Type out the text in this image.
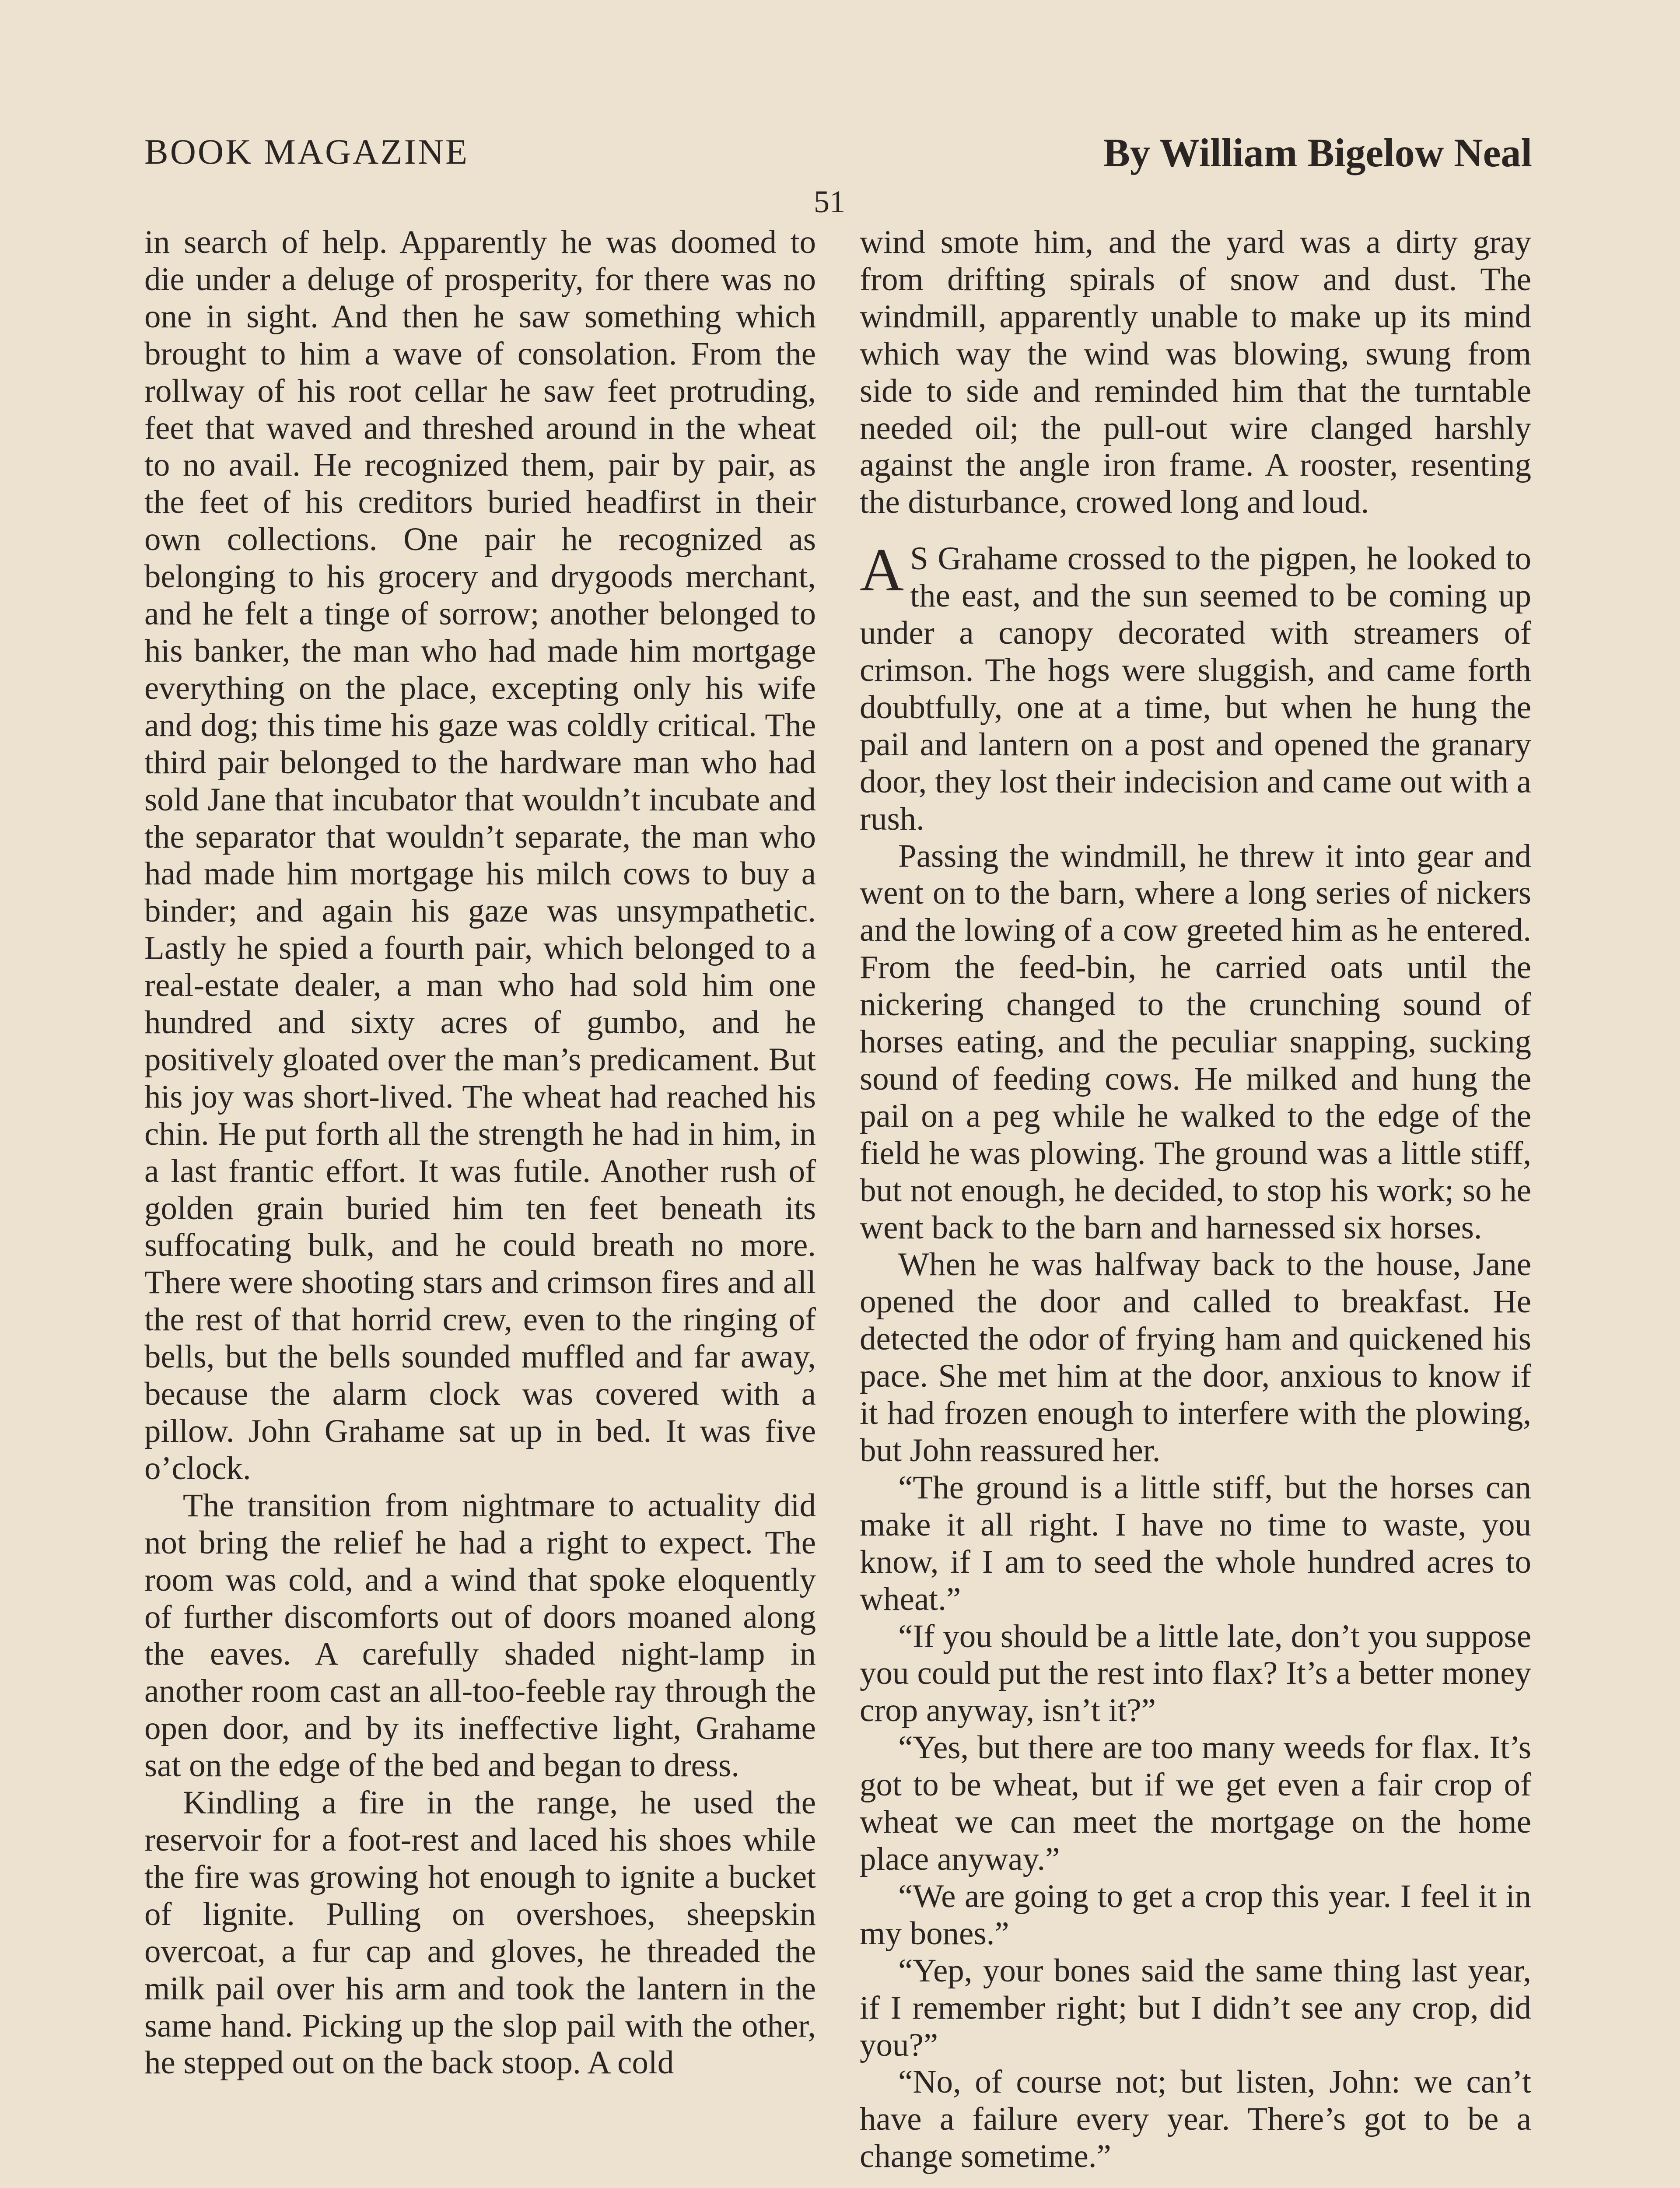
BOOK MAGAZINE	By William Bigelow Neal
51

in search of help. Apparently he was doomed to die under a deluge of prosperity, for there was no one in sight. And then he saw something which brought to him a wave of consolation. From the rollway of his root cellar he saw feet protruding, feet that waved and threshed around in the wheat to no avail. He recognized them, pair by pair, as the feet of his creditors buried headfirst in their own collections. One pair he recognized as belonging to his grocery and drygoods merchant, and he felt a tinge of sorrow; another belonged to his banker, the man who had made him mortgage everything on the place, excepting only his wife and dog; this time his gaze was coldly critical. The third pair belonged to the hardware man who had sold Jane that incubator that wouldn’t incubate and the separator that wouldn’t separate, the man who had made him mortgage his milch cows to buy a binder; and again his gaze was unsympathetic. Lastly he spied a fourth pair, which belonged to a real-estate dealer, a man who had sold him one hundred and sixty acres of gumbo, and he positively gloated over the man’s predicament. But his joy was short-lived. The wheat had reached his chin. He put forth all the strength he had in him, in a last frantic effort. It was futile. Another rush of golden grain buried him ten feet beneath its suffocating bulk, and he could breath no more. There were shooting stars and crimson fires and all the rest of that horrid crew, even to the ringing of bells, but the bells sounded muffled and far away, because the alarm clock was covered with a pillow. John Grahame sat up in bed. It was five o’clock.

The transition from nightmare to actuality did not bring the relief he had a right to expect. The room was cold, and a wind that spoke eloquently of further discomforts out of doors moaned along the eaves. A carefully shaded night-lamp in another room cast an all-too-feeble ray through the open door, and by its ineffective light, Grahame sat on the edge of the bed and began to dress.

Kindling a fire in the range, he used the reservoir for a foot-rest and laced his shoes while the fire was growing hot enough to ignite a bucket of lignite. Pulling on overshoes, sheepskin overcoat, a fur cap and gloves, he threaded the milk pail over his arm and took the lantern in the same hand. Picking up the slop pail with the other, he stepped out on the back stoop. A cold

wind smote him, and the yard was a dirty gray from drifting spirals of snow and dust. The windmill, apparently unable to make up its mind which way the wind was blowing, swung from side to side and reminded him that the turntable needed oil; the pull-out wire clanged harshly against the angle iron frame. A rooster, resenting the disturbance, crowed long and loud.

A S Grahame crossed to the pigpen, he looked to the east, and the sun seemed to be coming up under a canopy decorated with streamers of crimson. The hogs were sluggish, and came forth doubtfully, one at a time, but when he hung the pail and lantern on a post and opened the granary door, they lost their indecision and came out with a rush.

Passing the windmill, he threw it into gear and went on to the barn, where a long series of nickers and the lowing of a cow greeted him as he entered. From the feed-bin, he carried oats until the nickering changed to the crunching sound of horses eating, and the peculiar snapping, sucking sound of feeding cows. He milked and hung the pail on a peg while he walked to the edge of the field he was plowing. The ground was a little stiff, but not enough, he decided, to stop his work; so he went back to the barn and harnessed six horses.

When he was halfway back to the house, Jane opened the door and called to breakfast. He detected the odor of frying ham and quickened his pace. She met him at the door, anxious to know if it had frozen enough to interfere with the plowing, but John reassured her.

“The ground is a little stiff, but the horses can make it all right. I have no time to waste, you know, if I am to seed the whole hundred acres to wheat.”

“If you should be a little late, don’t you suppose you could put the rest into flax? It’s a better money crop anyway, isn’t it?”

“Yes, but there are too many weeds for flax. It’s got to be wheat, but if we get even a fair crop of wheat we can meet the mortgage on the home place anyway.”

“We are going to get a crop this year. I feel it in my bones.”

“Yep, your bones said the same thing last year, if I remember right; but I didn’t see any crop, did you?”

“No, of course not; but listen, John: we can’t have a failure every year. There’s got to be a change sometime.”
